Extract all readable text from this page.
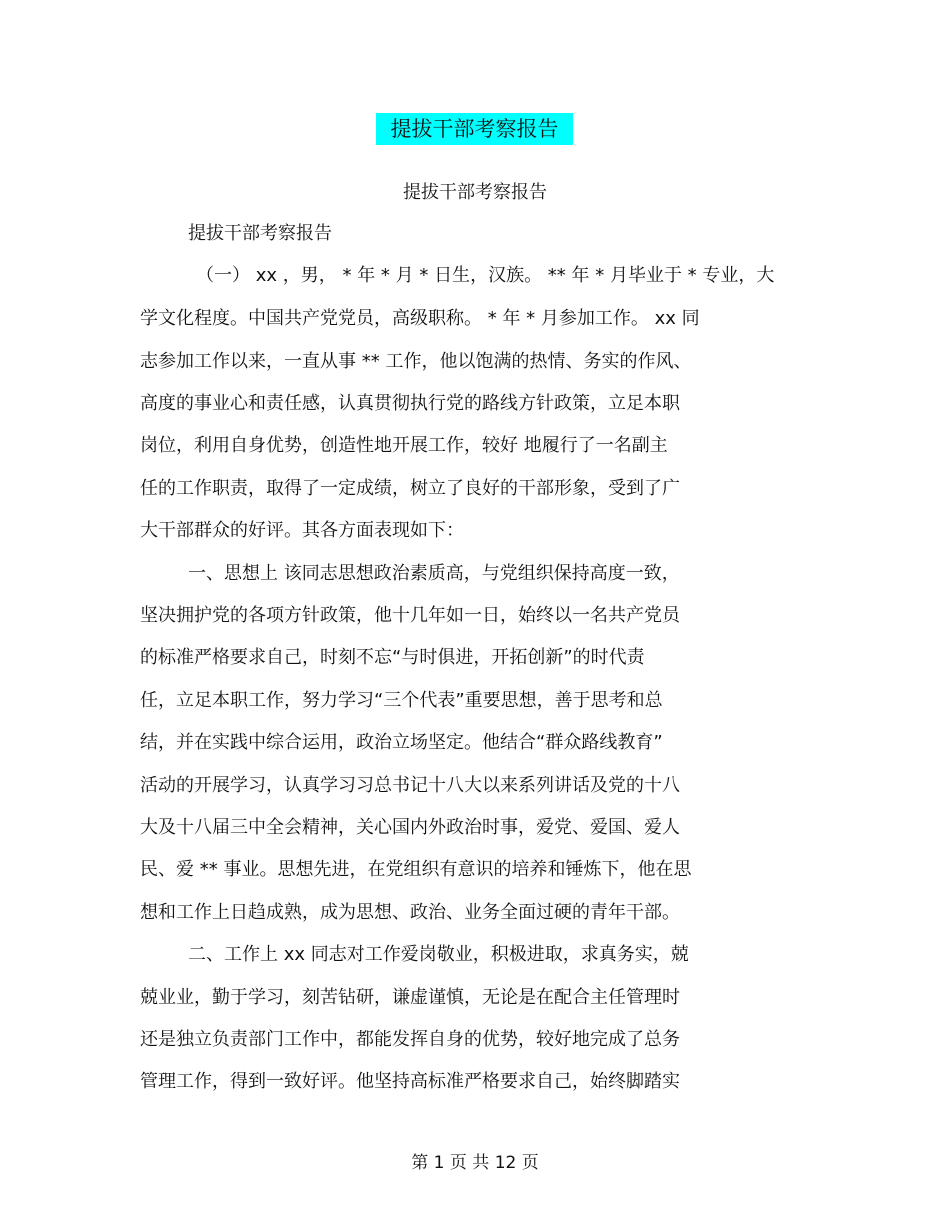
提拔干部考察报告
提拔干部考察报告
提拔干部考察报告
（一） xx ，男， * 年 * 月 * 日生，汉族。 ** 年 * 月毕业于 * 专业，大
学文化程度。中国共产党党员，高级职称。 * 年 * 月参加工作。 xx 同
志参加工作以来，一直从事 ** 工作，他以饱满的热情、务实的作风、
高度的事业心和责任感，认真贯彻执行党的路线方针政策，立足本职
岗位，利用自身优势，创造性地开展工作，较好 地履行了一名副主
任的工作职责，取得了一定成绩，树立了良好的干部形象，受到了广
大干部群众的好评。其各方面表现如下：
一、思想上 该同志思想政治素质高，与党组织保持高度一致，
坚决拥护党的各项方针政策，他十几年如一日，始终以一名共产党员
的标准严格要求自己，时刻不忘“与时俱进，开拓创新”的时代责
任，立足本职工作，努力学习“三个代表”重要思想，善于思考和总
结，并在实践中综合运用，政治立场坚定。他结合“群众路线教育”
活动的开展学习，认真学习习总书记十八大以来系列讲话及党的十八
大及十八届三中全会精神，关心国内外政治时事，爱党、爱国、爱人
民、爱 ** 事业。思想先进，在党组织有意识的培养和锤炼下，他在思
想和工作上日趋成熟，成为思想、政治、业务全面过硬的青年干部。
二、工作上 xx 同志对工作爱岗敬业，积极进取，求真务实，兢
兢业业，勤于学习，刻苦钻研，谦虚谨慎，无论是在配合主任管理时
还是独立负责部门工作中，都能发挥自身的优势，较好地完成了总务
管理工作，得到一致好评。他坚持高标准严格要求自己，始终脚踏实
第 1 页 共 12 页
